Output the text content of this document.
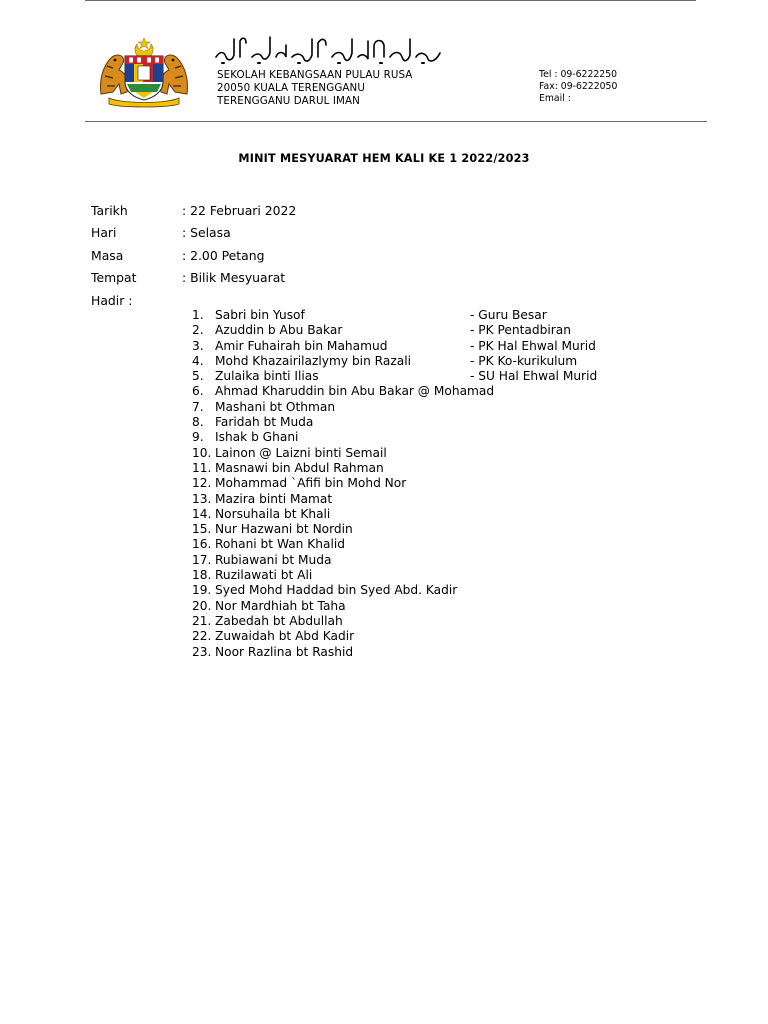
SEKOLAH KEBANGSAAN PULAU RUSA
20050 KUALA TERENGGANU
TERENGGANU DARUL IMAN
Tel : 09-6222250
Fax: 09-6222050
Email :
MINIT MESYUARAT HEM KALI KE 1 2022/2023
Tarikh	: 22 Februari 2022
Hari	: Selasa
Masa	: 2.00 Petang
Tempat	: Bilik Mesyuarat
Hadir :
1. Sabri bin Yusof	- Guru Besar
2. Azuddin b Abu Bakar	- PK Pentadbiran
3. Amir Fuhairah bin Mahamud	- PK Hal Ehwal Murid
4. Mohd Khazairilazlymy bin Razali	- PK Ko-kurikulum
5. Zulaika binti Ilias	- SU Hal Ehwal Murid
6. Ahmad Kharuddin bin Abu Bakar @ Mohamad
7. Mashani bt Othman
8. Faridah bt Muda
9. Ishak b Ghani
10. Lainon @ Laizni binti Semail
11. Masnawi bin Abdul Rahman
12. Mohammad `Afifi bin Mohd Nor
13. Mazira binti Mamat
14. Norsuhaila bt Khali
15. Nur Hazwani bt Nordin
16. Rohani bt Wan Khalid
17. Rubiawani bt Muda
18. Ruzilawati bt Ali
19. Syed Mohd Haddad bin Syed Abd. Kadir
20. Nor Mardhiah bt Taha
21. Zabedah bt Abdullah
22. Zuwaidah bt Abd Kadir
23. Noor Razlina bt Rashid
